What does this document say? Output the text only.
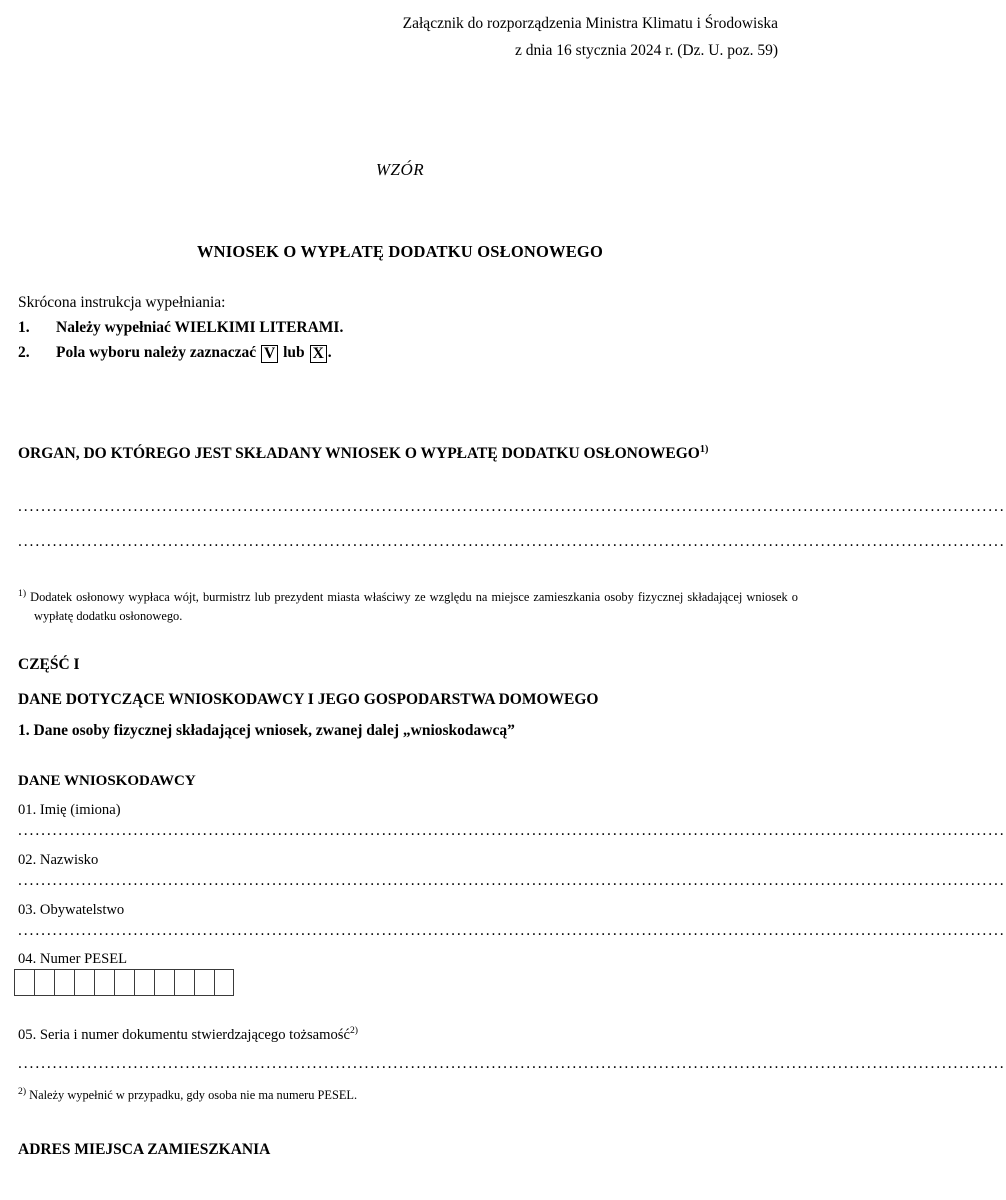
Załącznik do rozporządzenia Ministra Klimatu i Środowiska
z dnia 16 stycznia 2024 r. (Dz. U. poz. 59)
WZÓR
WNIOSEK O WYPŁATĘ DODATKU OSŁONOWEGO
Skrócona instrukcja wypełniania:
1.	Należy wypełniać WIELKIMI LITERAMI.
2.	Pola wyboru należy zaznaczać V lub X .
ORGAN, DO KTÓREGO JEST SKŁADANY WNIOSEK O WYPŁATĘ DODATKU OSŁONOWEGO$^{1)}$
...........................................................................................................................................................................
...........................................................................................................................................................................
$^{1)}$ Dodatek osłonowy wypłaca wójt, burmistrz lub prezydent miasta właściwy ze względu na miejsce zamieszkania osoby fizycznej składającej wniosek o wypłatę dodatku osłonowego.
CZĘŚĆ I
DANE DOTYCZĄCE WNIOSKODAWCY I JEGO GOSPODARSTWA DOMOWEGO
1. Dane osoby fizycznej składającej wniosek, zwanej dalej „wnioskodawcą”
DANE WNIOSKODAWCY
01. Imię (imiona)
...........................................................................................................................................................................
02. Nazwisko
...........................................................................................................................................................................
03. Obywatelstwo
...........................................................................................................................................................................
04. Numer PESEL
05. Seria i numer dokumentu stwierdzającego tożsamość$^{2)}$
...........................................................................................................................................................................
$^{2)}$ Należy wypełnić w przypadku, gdy osoba nie ma numeru PESEL.
ADRES MIEJSCA ZAMIESZKANIA
